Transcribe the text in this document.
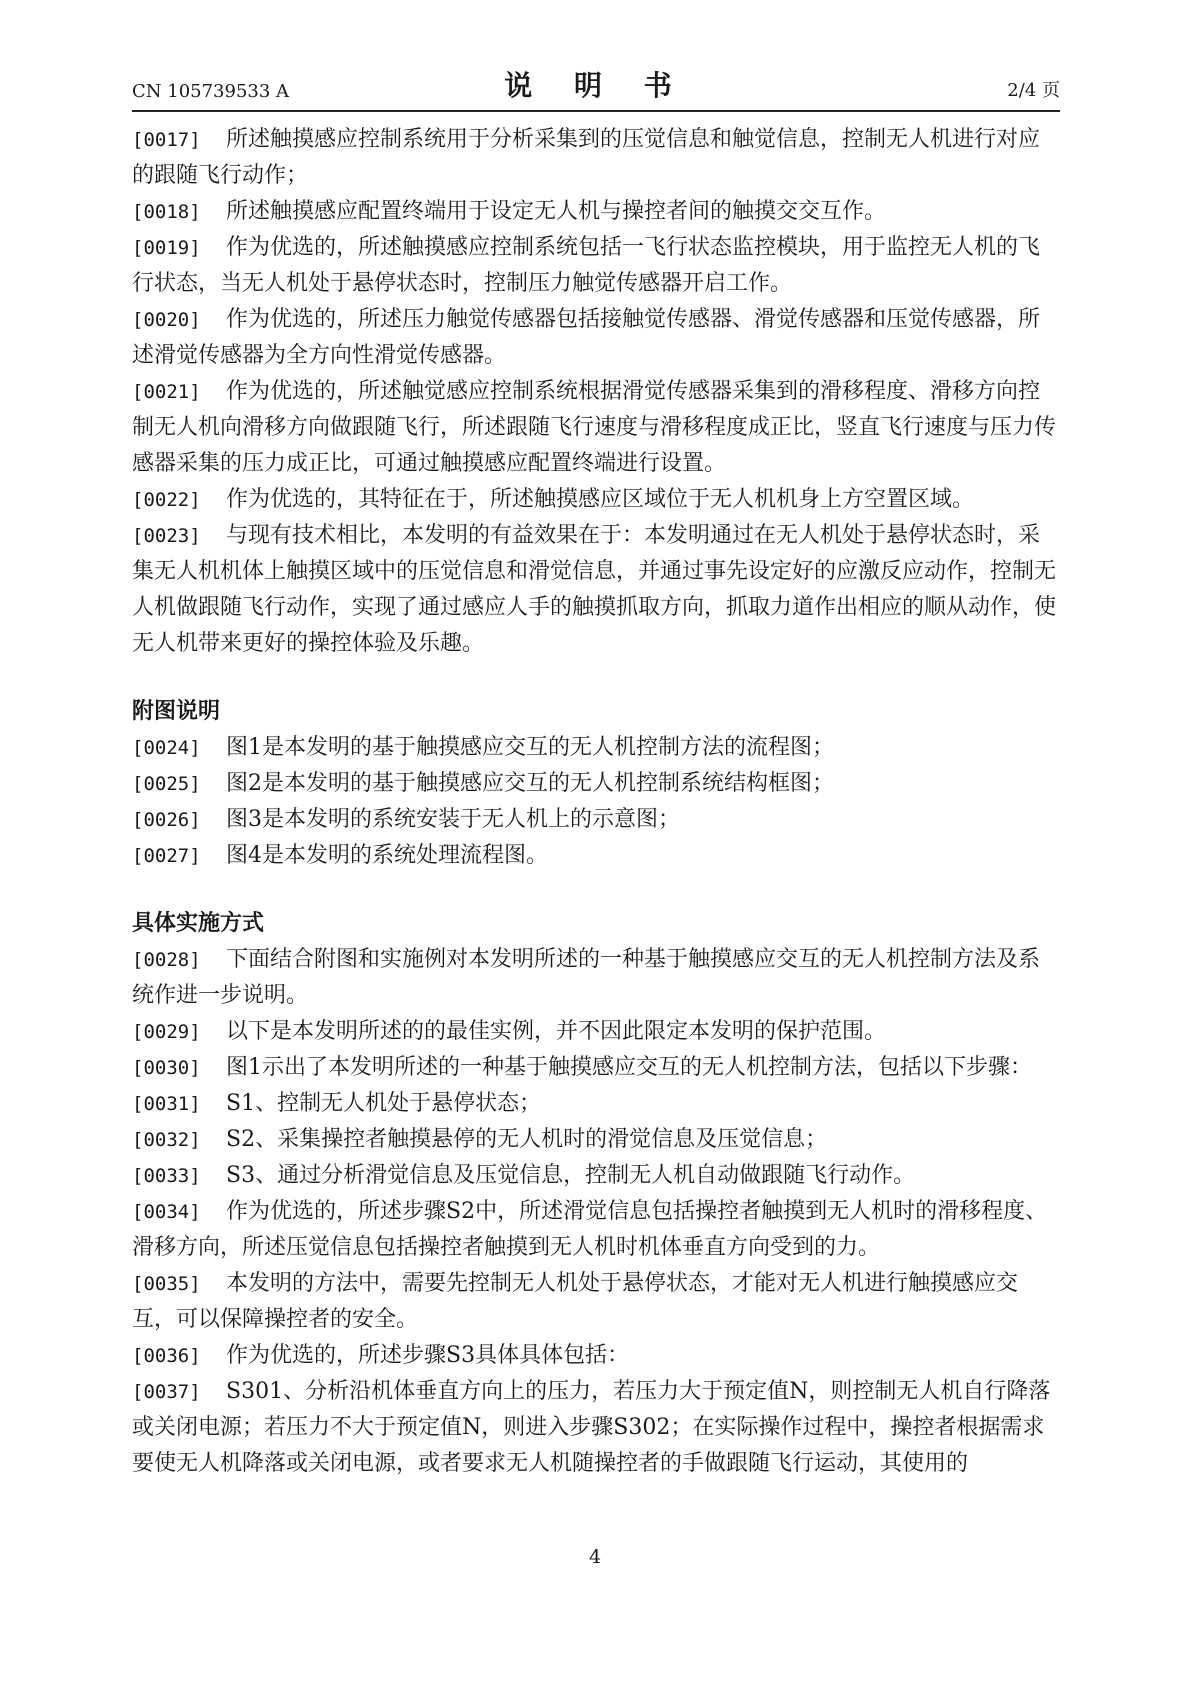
CN 105739533 A	说 明 书	2/4 页

[0017] 所述触摸感应控制系统用于分析采集到的压觉信息和触觉信息，控制无人机进行对应的跟随飞行动作；

[0018] 所述触摸感应配置终端用于设定无人机与操控者间的触摸交交互作。

[0019] 作为优选的，所述触摸感应控制系统包括一飞行状态监控模块，用于监控无人机的飞行状态，当无人机处于悬停状态时，控制压力触觉传感器开启工作。

[0020] 作为优选的，所述压力触觉传感器包括接触觉传感器、滑觉传感器和压觉传感器，所述滑觉传感器为全方向性滑觉传感器。

[0021] 作为优选的，所述触觉感应控制系统根据滑觉传感器采集到的滑移程度、滑移方向控制无人机向滑移方向做跟随飞行，所述跟随飞行速度与滑移程度成正比，竖直飞行速度与压力传感器采集的压力成正比，可通过触摸感应配置终端进行设置。

[0022] 作为优选的，其特征在于，所述触摸感应区域位于无人机机身上方空置区域。

[0023] 与现有技术相比，本发明的有益效果在于：本发明通过在无人机处于悬停状态时，采集无人机机体上触摸区域中的压觉信息和滑觉信息，并通过事先设定好的应激反应动作，控制无人机做跟随飞行动作，实现了通过感应人手的触摸抓取方向，抓取力道作出相应的顺从动作，使无人机带来更好的操控体验及乐趣。

附图说明

[0024] 图1是本发明的基于触摸感应交互的无人机控制方法的流程图；

[0025] 图2是本发明的基于触摸感应交互的无人机控制系统结构框图；

[0026] 图3是本发明的系统安装于无人机上的示意图；

[0027] 图4是本发明的系统处理流程图。

具体实施方式

[0028] 下面结合附图和实施例对本发明所述的一种基于触摸感应交互的无人机控制方法及系统作进一步说明。

[0029] 以下是本发明所述的的最佳实例，并不因此限定本发明的保护范围。

[0030] 图1示出了本发明所述的一种基于触摸感应交互的无人机控制方法，包括以下步骤：

[0031] S1、控制无人机处于悬停状态；

[0032] S2、采集操控者触摸悬停的无人机时的滑觉信息及压觉信息；

[0033] S3、通过分析滑觉信息及压觉信息，控制无人机自动做跟随飞行动作。

[0034] 作为优选的，所述步骤S2中，所述滑觉信息包括操控者触摸到无人机时的滑移程度、滑移方向，所述压觉信息包括操控者触摸到无人机时机体垂直方向受到的力。

[0035] 本发明的方法中，需要先控制无人机处于悬停状态，才能对无人机进行触摸感应交互，可以保障操控者的安全。

[0036] 作为优选的，所述步骤S3具体具体包括：

[0037] S301、分析沿机体垂直方向上的压力，若压力大于预定值N，则控制无人机自行降落或关闭电源；若压力不大于预定值N，则进入步骤S302；在实际操作过程中，操控者根据需求要使无人机降落或关闭电源，或者要求无人机随操控者的手做跟随飞行运动，其使用的

4
